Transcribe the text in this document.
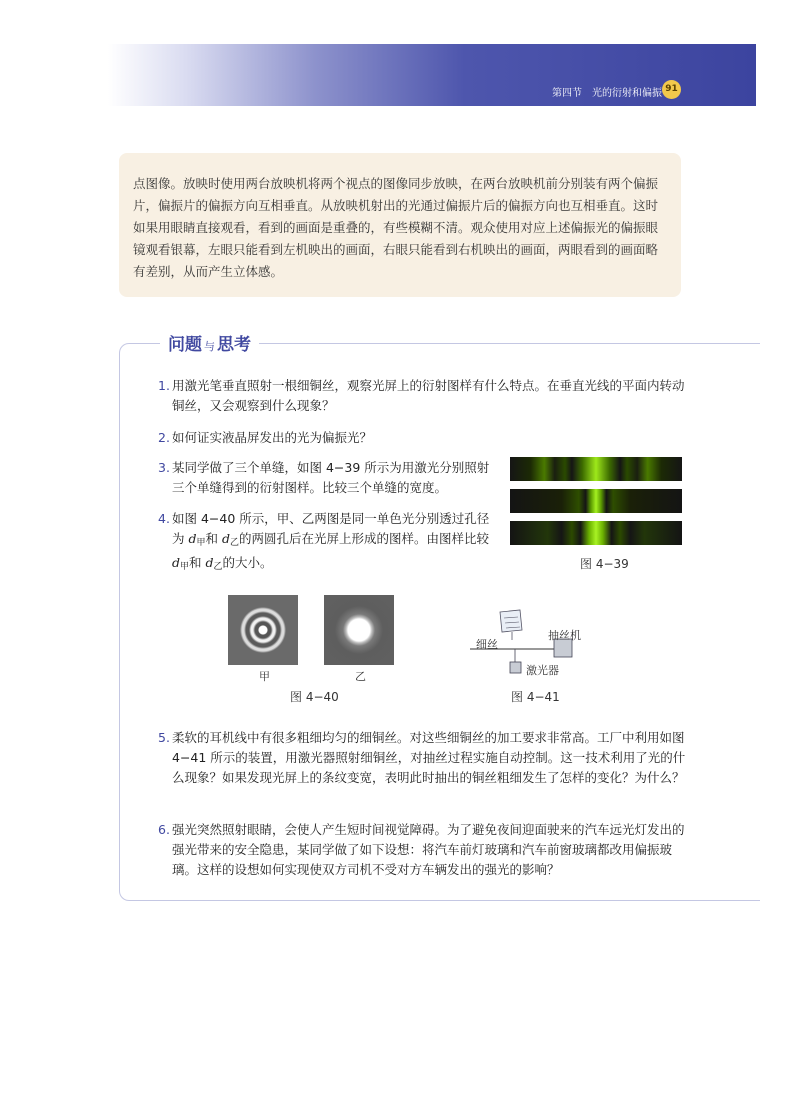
第四节　光的衍射和偏振 91

点图像。放映时使用两台放映机将两个视点的图像同步放映，在两台放映机前分别装有两个偏振片，偏振片的偏振方向互相垂直。从放映机射出的光通过偏振片后的偏振方向也互相垂直。这时如果用眼睛直接观看，看到的画面是重叠的，有些模糊不清。观众使用对应上述偏振光的偏振眼镜观看银幕，左眼只能看到左机映出的画面，右眼只能看到右机映出的画面，两眼看到的画面略有差别，从而产生立体感。

问题 与 思考

1. 用激光笔垂直照射一根细铜丝，观察光屏上的衍射图样有什么特点。在垂直光线的平面内转动铜丝，又会观察到什么现象？

2. 如何证实液晶屏发出的光为偏振光？

3. 某同学做了三个单缝，如图 4−39 所示为用激光分别照射三个单缝得到的衍射图样。比较三个单缝的宽度。

4. 如图 4−40 所示，甲、乙两图是同一单色光分别透过孔径为 $d_甲$和 $d_乙$的两圆孔后在光屏上形成的图样。由图样比较$d_甲$和 $d_乙$的大小。	图 4−39
甲	乙
图 4−40
细丝
抽丝机
激光器
图 4−41

5. 柔软的耳机线中有很多粗细均匀的细铜丝。对这些细铜丝的加工要求非常高。工厂中利用如图 4−41 所示的装置，用激光器照射细铜丝，对抽丝过程实施自动控制。这一技术利用了光的什么现象？如果发现光屏上的条纹变宽，表明此时抽出的铜丝粗细发生了怎样的变化？为什么？

6. 强光突然照射眼睛，会使人产生短时间视觉障碍。为了避免夜间迎面驶来的汽车远光灯发出的强光带来的安全隐患，某同学做了如下设想：将汽车前灯玻璃和汽车前窗玻璃都改用偏振玻璃。这样的设想如何实现使双方司机不受对方车辆发出的强光的影响？
